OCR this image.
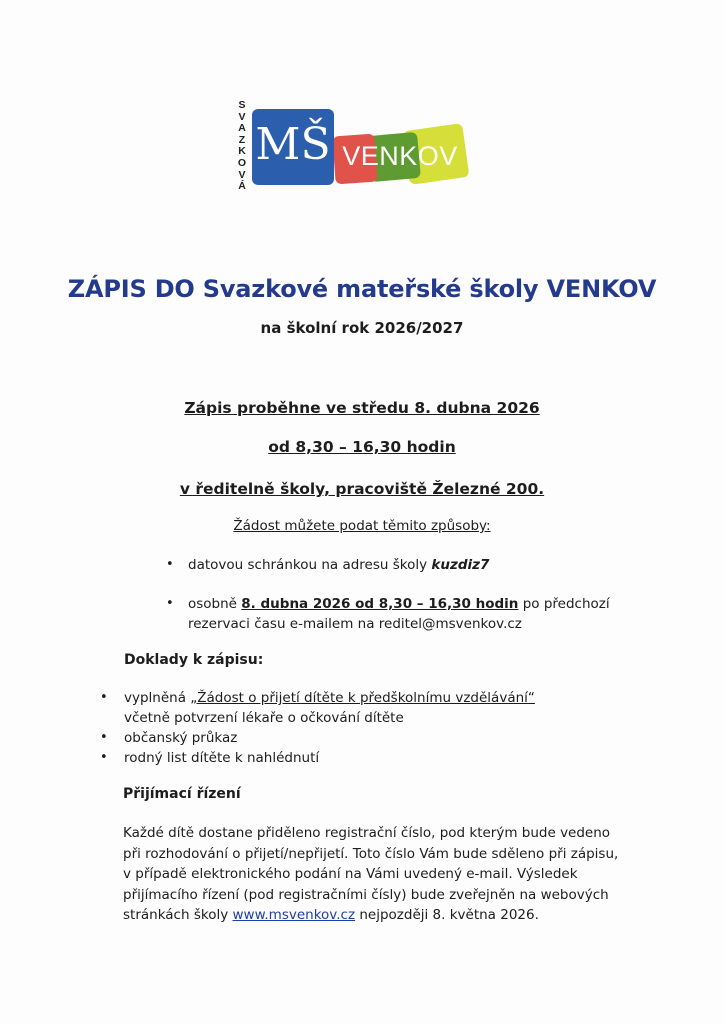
S
V
A
Z
K
O
V
Á
MŠ VENKOV
ZÁPIS DO Svazkové mateřské školy VENKOV
na školní rok 2026/2027
Zápis proběhne ve středu 8. dubna 2026
od 8,30 – 16,30 hodin
v ředitelně školy, pracoviště Železné 200.
Žádost můžete podat těmito způsoby:
• datovou schránkou na adresu školy kuzdiz7
• osobně 8. dubna 2026 od 8,30 – 16,30 hodin po předchozí rezervaci času e-mailem na reditel@msvenkov.cz
Doklady k zápisu:
• vyplněná „Žádost o přijetí dítěte k předškolnímu vzdělávání“ včetně potvrzení lékaře o očkování dítěte
• občanský průkaz
• rodný list dítěte k nahlédnutí
Přijímací řízení
Každé dítě dostane přiděleno registrační číslo, pod kterým bude vedeno při rozhodování o přijetí/nepřijetí. Toto číslo Vám bude sděleno při zápisu, v případě elektronického podání na Vámi uvedený e-mail. Výsledek přijímacího řízení (pod registračními čísly) bude zveřejněn na webových stránkách školy www.msvenkov.cz nejpozději 8. května 2026.
